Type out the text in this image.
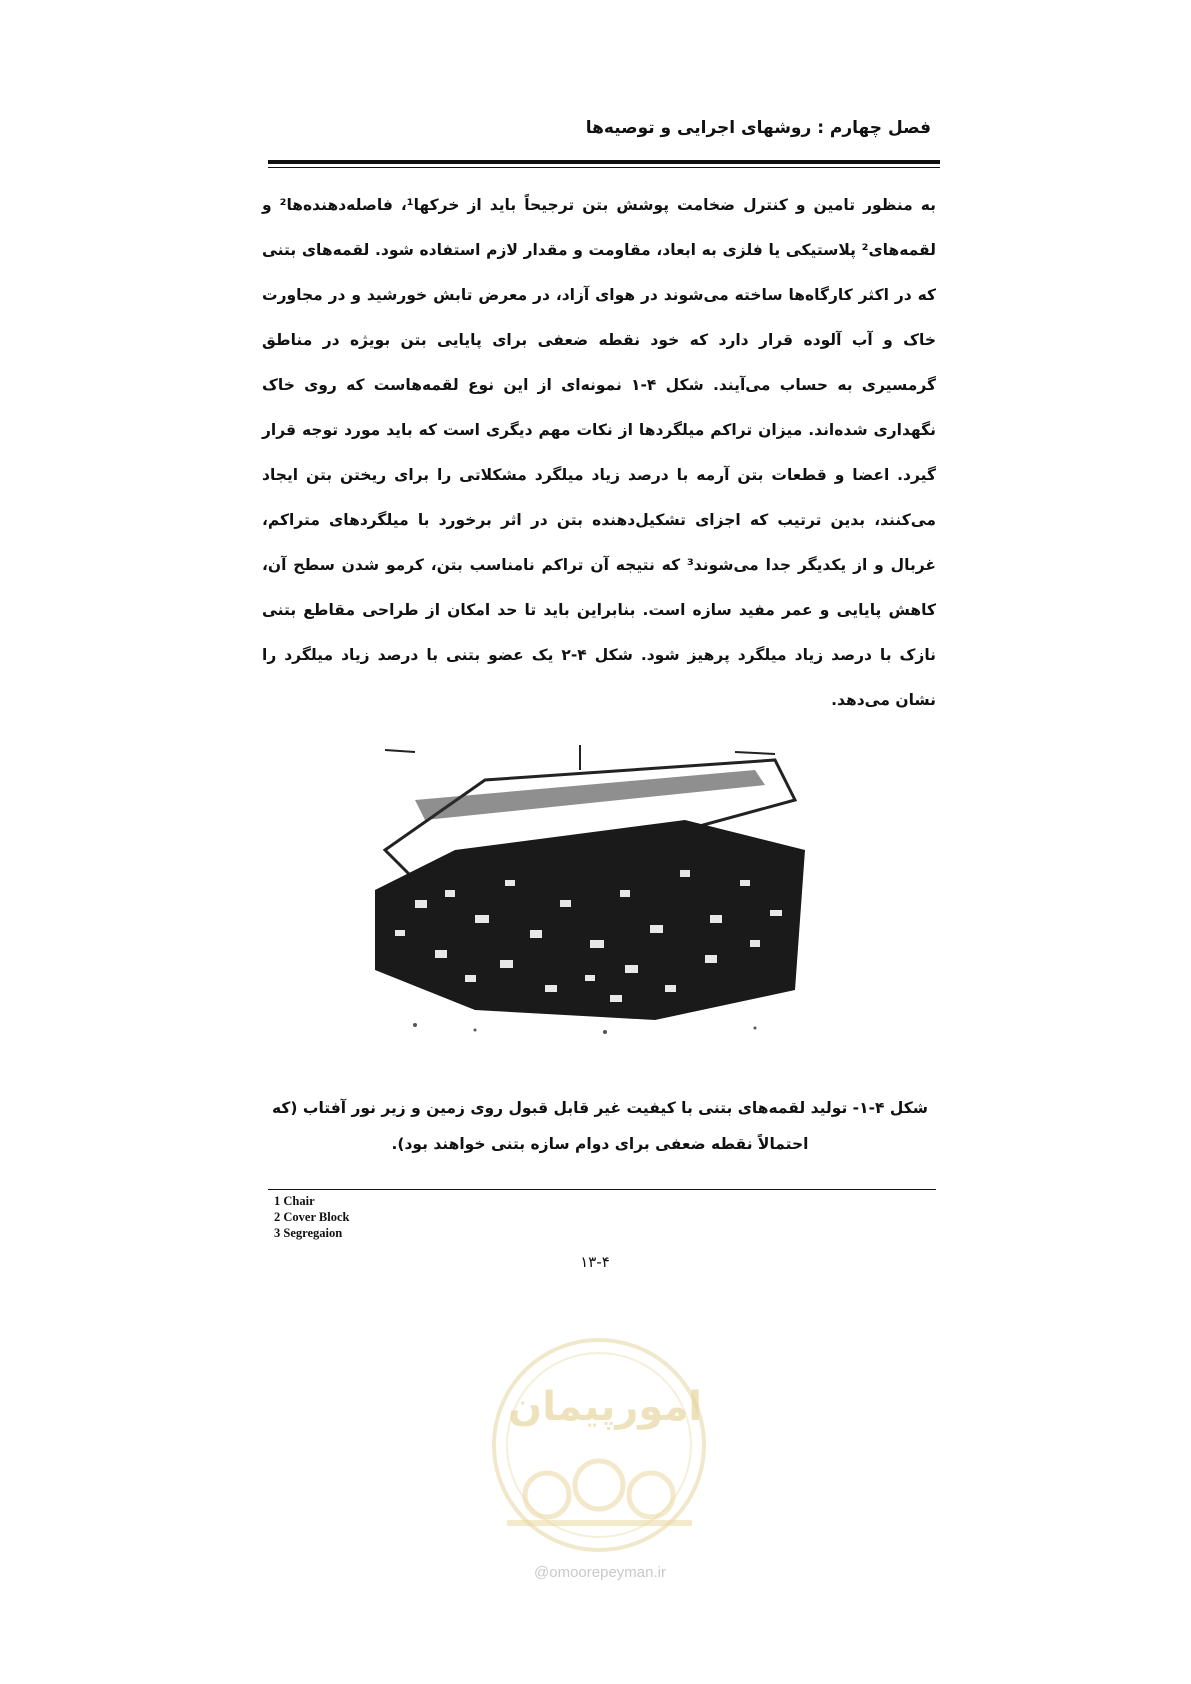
فصل چهارم : روشهای اجرایی و توصیه‌ها

به منظور تامین و کنترل ضخامت پوشش بتن ترجیحاً باید از خرکها¹، فاصله‌دهنده‌ها² و لقمه‌های² پلاستیکی یا فلزی به ابعاد، مقاومت و مقدار لازم استفاده شود. لقمه‌های بتنی که در اکثر کارگاه‌ها ساخته می‌شوند در هوای آزاد، در معرض تابش خورشید و در مجاورت خاک و آب آلوده قرار دارد که خود نقطه ضعفی برای پایایی بتن بویژه در مناطق گرمسیری به حساب می‌آیند. شکل ۴-۱ نمونه‌ای از این نوع لقمه‌هاست که روی خاک نگهداری شده‌اند. میزان تراکم میلگردها از نکات مهم دیگری است که باید مورد توجه قرار گیرد. اعضا و قطعات بتن آرمه با درصد زیاد میلگرد مشکلاتی را برای ریختن بتن ایجاد می‌کنند، بدین ترتیب که اجزای تشکیل‌دهنده بتن در اثر برخورد با میلگردهای متراکم، غربال و از یکدیگر جدا می‌شوند³ که نتیجه آن تراکم نامناسب بتن، کرمو شدن سطح آن، کاهش پایایی و عمر مفید سازه است. بنابراین باید تا حد امکان از طراحی مقاطع بتنی نازک با درصد زیاد میلگرد پرهیز شود. شکل ۴-۲ یک عضو بتنی با درصد زیاد میلگرد را نشان می‌دهد.

شکل ۴-۱- تولید لقمه‌های بتنی با کیفیت غیر قابل قبول روی زمین و زیر نور آفتاب (که احتمالاً نقطه ضعفی برای دوام سازه بتنی خواهند بود).
1 Chair
2 Cover Block
3 Segregaion
۱۳-۴
امورپیمان
@omoorepeyman.ir
